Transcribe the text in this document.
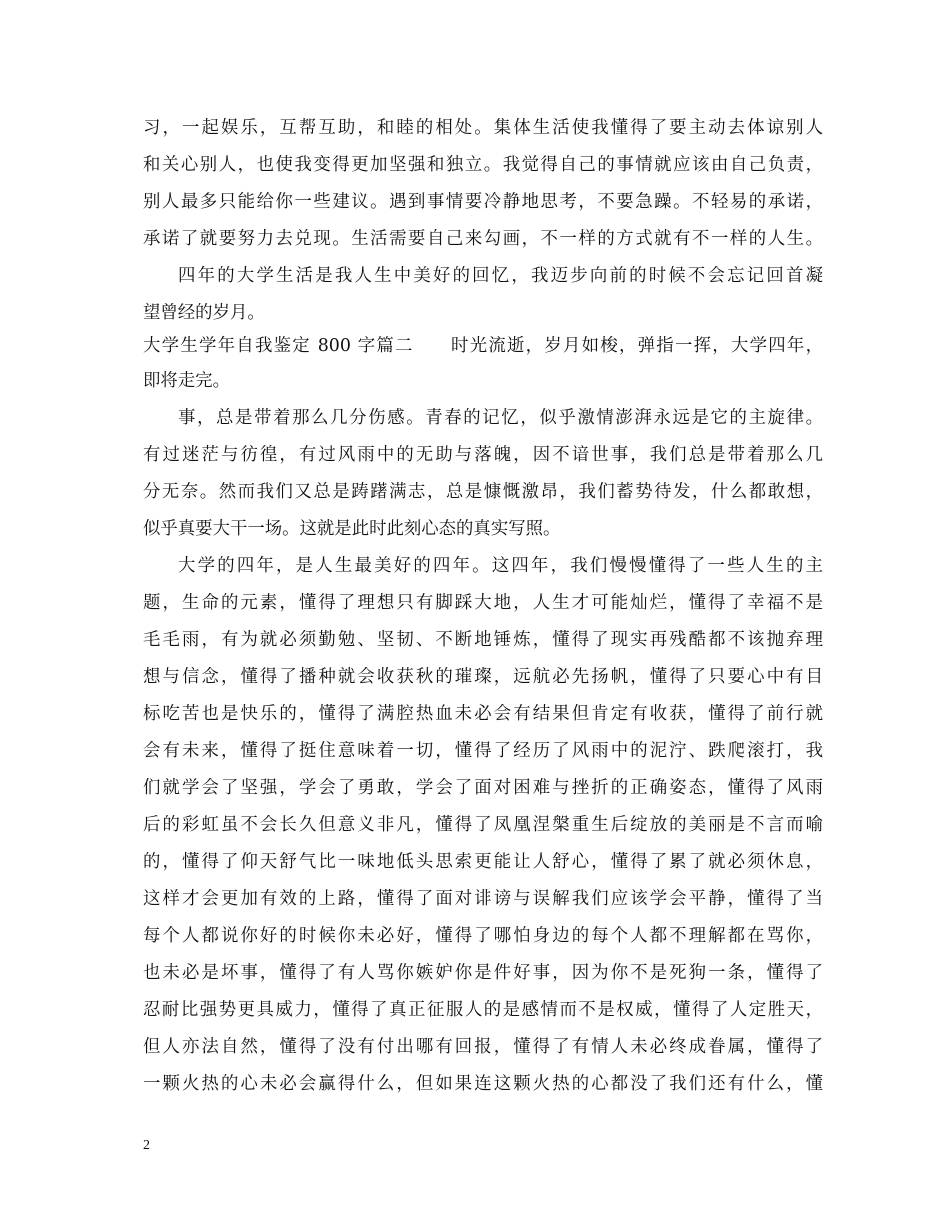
习，一起娱乐，互帮互助，和睦的相处。集体生活使我懂得了要主动去体谅别人
和关心别人，也使我变得更加坚强和独立。我觉得自己的事情就应该由自己负责，
别人最多只能给你一些建议。遇到事情要冷静地思考，不要急躁。不轻易的承诺，
承诺了就要努力去兑现。生活需要自己来勾画，不一样的方式就有不一样的人生。
四年的大学生活是我人生中美好的回忆，我迈步向前的时候不会忘记回首凝
望曾经的岁月。
大学生学年自我鉴定 800 字篇二　　时光流逝，岁月如梭，弹指一挥，大学四年，
即将走完。
事，总是带着那么几分伤感。青春的记忆，似乎激情澎湃永远是它的主旋律。
有过迷茫与彷徨，有过风雨中的无助与落魄，因不谙世事，我们总是带着那么几
分无奈。然而我们又总是踌躇满志，总是慷慨激昂，我们蓄势待发，什么都敢想，
似乎真要大干一场。这就是此时此刻心态的真实写照。
大学的四年，是人生最美好的四年。这四年，我们慢慢懂得了一些人生的主
题，生命的元素，懂得了理想只有脚踩大地，人生才可能灿烂，懂得了幸福不是
毛毛雨，有为就必须勤勉、坚韧、不断地锤炼，懂得了现实再残酷都不该抛弃理
想与信念，懂得了播种就会收获秋的璀璨，远航必先扬帆，懂得了只要心中有目
标吃苦也是快乐的，懂得了满腔热血未必会有结果但肯定有收获，懂得了前行就
会有未来，懂得了挺住意味着一切，懂得了经历了风雨中的泥泞、跌爬滚打，我
们就学会了坚强，学会了勇敢，学会了面对困难与挫折的正确姿态，懂得了风雨
后的彩虹虽不会长久但意义非凡，懂得了凤凰涅槃重生后绽放的美丽是不言而喻
的，懂得了仰天舒气比一味地低头思索更能让人舒心，懂得了累了就必须休息，
这样才会更加有效的上路，懂得了面对诽谤与误解我们应该学会平静，懂得了当
每个人都说你好的时候你未必好，懂得了哪怕身边的每个人都不理解都在骂你，
也未必是坏事，懂得了有人骂你嫉妒你是件好事，因为你不是死狗一条，懂得了
忍耐比强势更具威力，懂得了真正征服人的是感情而不是权威，懂得了人定胜天，
但人亦法自然，懂得了没有付出哪有回报，懂得了有情人未必终成眷属，懂得了
一颗火热的心未必会赢得什么，但如果连这颗火热的心都没了我们还有什么，懂
2
